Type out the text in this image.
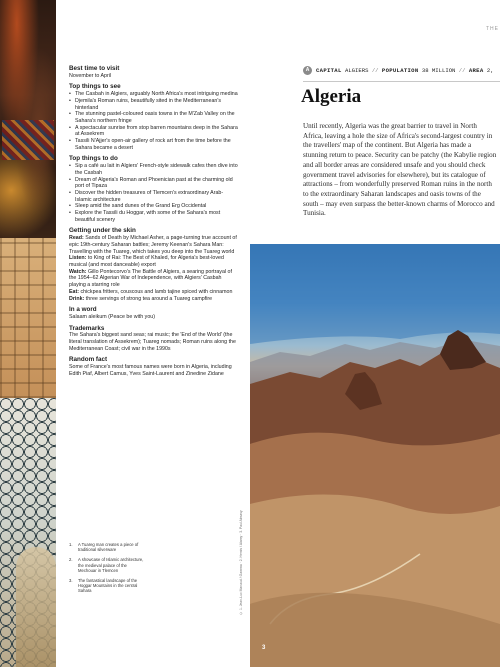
THE

Best time to visit

November to April

Top things to see

• The Casbah in Algiers, arguably North Africa's most intriguing medina
• Djemila's Roman ruins, beautifully sited in the Mediterranean's hinterland
• The stunning pastel-coloured oasis towns in the M'Zab Valley on the Sahara's northern fringe
• A spectacular sunrise from stop barren mountains deep in the Sahara at Assekrem
• Tassili N'Ajjer's open-air gallery of rock art from the time before the Sahara became a desert

Top things to do

• Sip a café au lait in Algiers' French-style sidewalk cafes then dive into the Casbah
• Dream of Algeria's Roman and Phoenician past at the charming old port of Tipaza
• Discover the hidden treasures of Tlemcen's extraordinary Arab-Islamic architecture
• Sleep amid the sand dunes of the Grand Erg Occidental
• Explore the Tassili du Hoggar, with some of the Sahara's most beautiful scenery

Getting under the skin

Read: Sands of Death by Michael Asher, a page-turning true account of epic 19th-century Saharan battles; Jeremy Keenan's Sahara Man: Travelling with the Tuareg, which takes you deep into the Tuareg world

Listen: to King of Rai: The Best of Khaled, for Algeria's best-loved musical (and most danceable) export

Watch: Gillo Pontecorvo's The Battle of Algiers, a searing portrayal of the 1954–62 Algerian War of Independence, with Algiers' Casbah playing a starring role

Eat: chickpea fritters, couscous and lamb tajine spiced with cinnamon

Drink: three servings of strong tea around a Tuareg campfire

In a word

Salaam aleikum (Peace be with you)

Trademarks

The Sahara's biggest sand seas; rai music; the 'End of the World' (the literal translation of Assekrem); Tuareg nomads; Roman ruins along the Mediterranean Coast; civil war in the 1990s

Random fact

Some of France's most famous names were born in Algeria, including Edith Piaf, Albert Camus, Yves Saint-Laurent and Zinedine Zidane

1.	A Tuareg man creates a piece of traditional silverware
2.	A showcase of Islamic architecture, the medieval palace of the Mechouar in Tlemcen
3.	The fantastical landscape of the Hoggar Mountains in the central Sahara	© 1. Jean-Luc Manaud / Gamma · 2. Hemis / Alamy · 3. Paul Almasy
A	CAPITAL ALGIERS // POPULATION 38 MILLION // AREA 2,
Algeria

Until recently, Algeria was the great barrier to travel in North Africa, leaving a hole the size of Africa's second-largest country in the travellers' map of the continent. But Algeria has made a stunning return to peace. Security can be patchy (the Kabylie region and all border areas are considered unsafe and you should check government travel advisories for elsewhere), but its catalogue of attractions – from wonderfully preserved Roman ruins in the north to the extraordinary Saharan landscapes and oasis towns of the south – may even surpass the better-known charms of Morocco and Tunisia.

3
